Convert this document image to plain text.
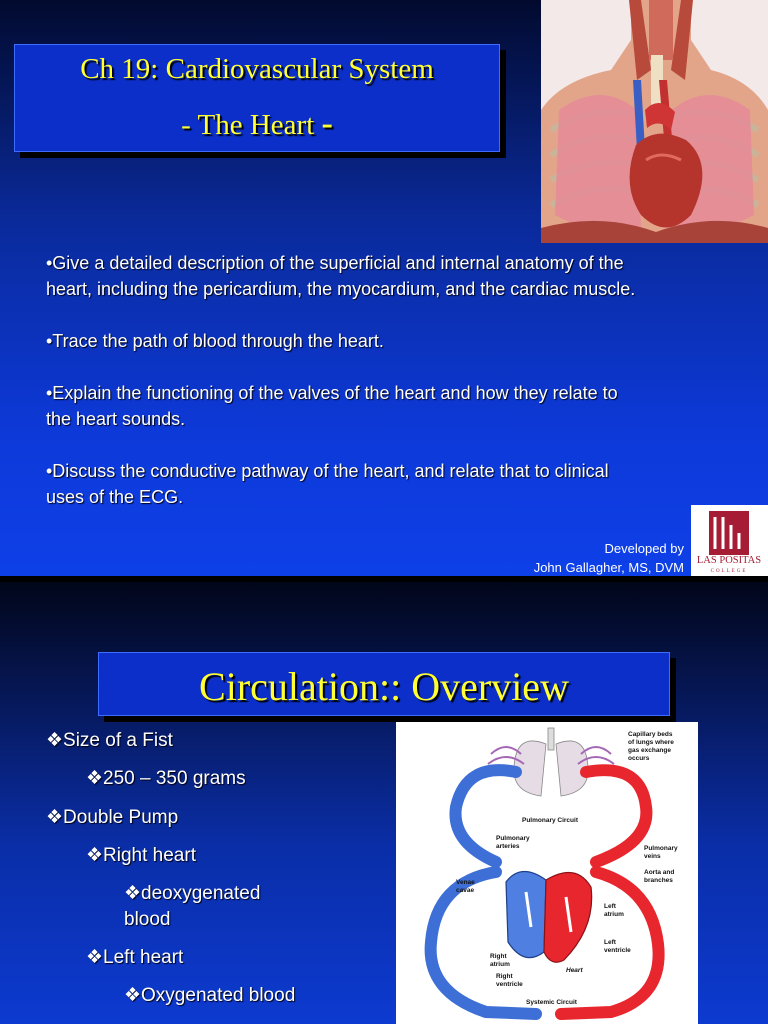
Ch 19: Cardiovascular System
- The Heart -

•Give a detailed description of the superficial and internal anatomy of the heart, including the pericardium, the myocardium, and the cardiac muscle.

•Trace the path of blood through the heart.

•Explain the functioning of the valves of the heart and how they relate to the heart sounds.

•Discuss the conductive pathway of the heart, and relate that to clinical uses of the ECG.

Developed by
John Gallagher, MS, DVM LAS POSITAS
COLLEGE
Circulation:: Overview
❖Size of a Fist
❖250 – 350 grams
❖Double Pump
❖Right heart
❖deoxygenated
blood
❖Left heart
❖Oxygenated blood
Capillary beds
of lungs where
gas exchange
occurs
Pulmonary Circuit
Pulmonary
arteries	Pulmonary
veins
Aorta and
branches
Venae
cavae
Left
atrium
Left
ventricle
Right
atrium
Right
ventricle
Heart
Systemic Circuit
